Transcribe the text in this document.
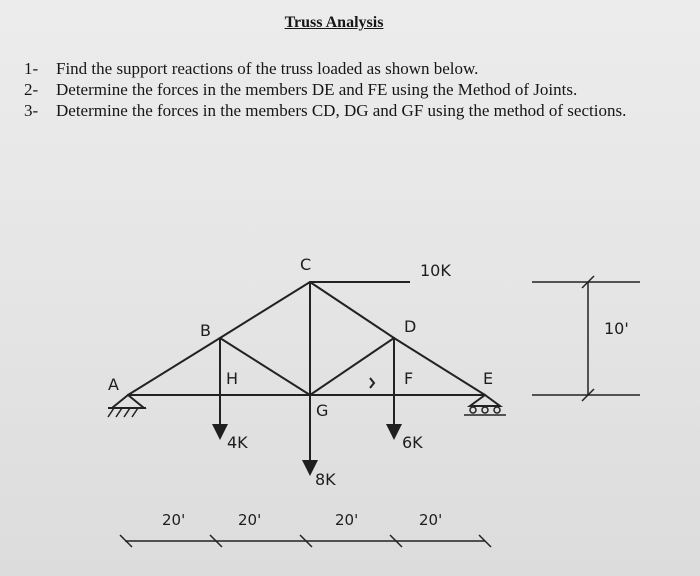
Truss Analysis
1-	Find the support reactions of the truss loaded as shown below.
2-	Determine the forces in the members DE and FE using the Method of Joints.
3-	Determine the forces in the members CD, DG and GF using the method of sections.
A
B
C
D
E
F
G
H
10K
4K
8K
6K
10'
20'	20'	20'	20'
